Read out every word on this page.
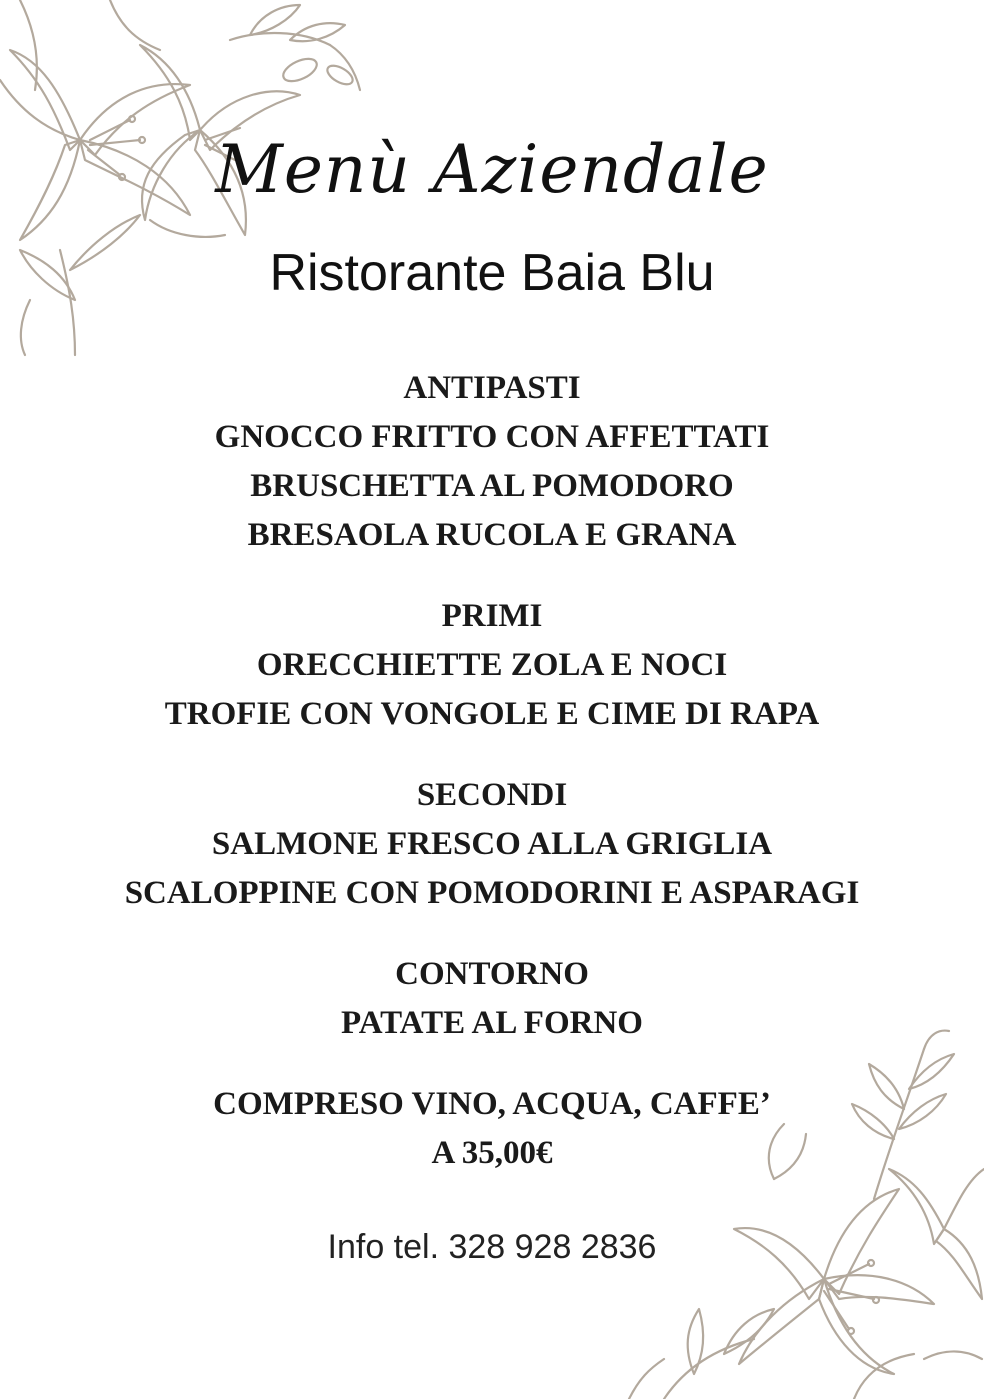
Menù Aziendale
Ristorante Baia Blu
ANTIPASTI
GNOCCO FRITTO CON AFFETTATI
BRUSCHETTA AL POMODORO
BRESAOLA RUCOLA E GRANA
PRIMI
ORECCHIETTE ZOLA E NOCI
TROFIE CON VONGOLE E CIME DI RAPA
SECONDI
SALMONE FRESCO ALLA GRIGLIA
SCALOPPINE CON POMODORINI E ASPARAGI
CONTORNO
PATATE AL FORNO
COMPRESO VINO, ACQUA, CAFFE’
A 35,00€
Info tel. 328 928 2836
